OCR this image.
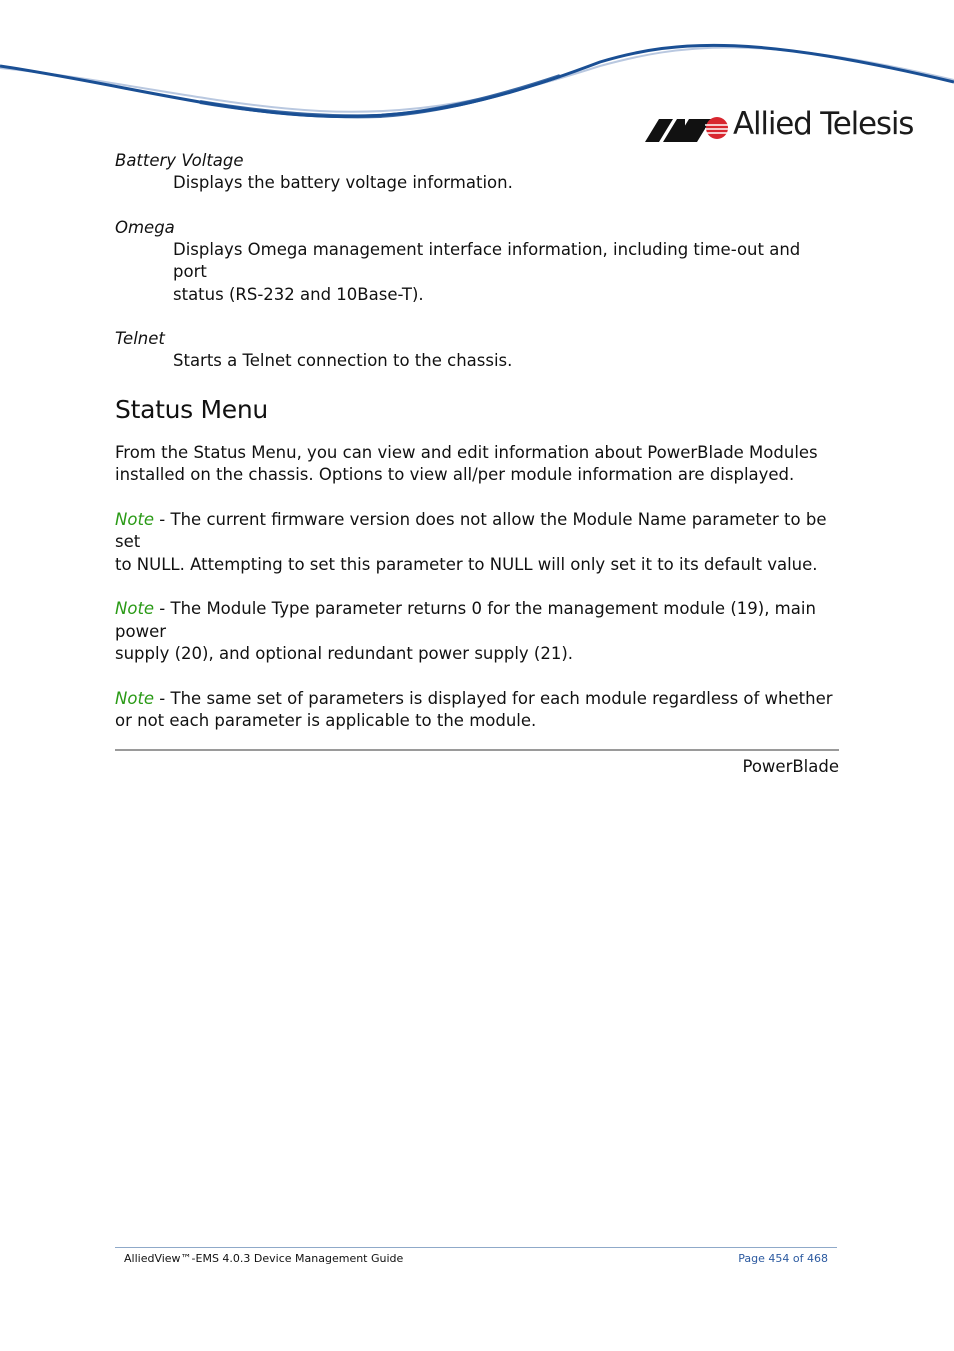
Allied Telesis

Battery Voltage

Displays the battery voltage information.

Omega

Displays Omega management interface information, including time-out and port
status (RS-232 and 10Base-T).

Telnet

Starts a Telnet connection to the chassis.

Status Menu

From the Status Menu, you can view and edit information about PowerBlade Modules
installed on the chassis. Options to view all/per module information are displayed.

Note - The current firmware version does not allow the Module Name parameter to be set
to NULL. Attempting to set this parameter to NULL will only set it to its default value.

Note - The Module Type parameter returns 0 for the management module (19), main power
supply (20), and optional redundant power supply (21).

Note - The same set of parameters is displayed for each module regardless of whether
or not each parameter is applicable to the module.

PowerBlade

AlliedView™-EMS 4.0.3 Device Management Guide	Page 454 of 468
